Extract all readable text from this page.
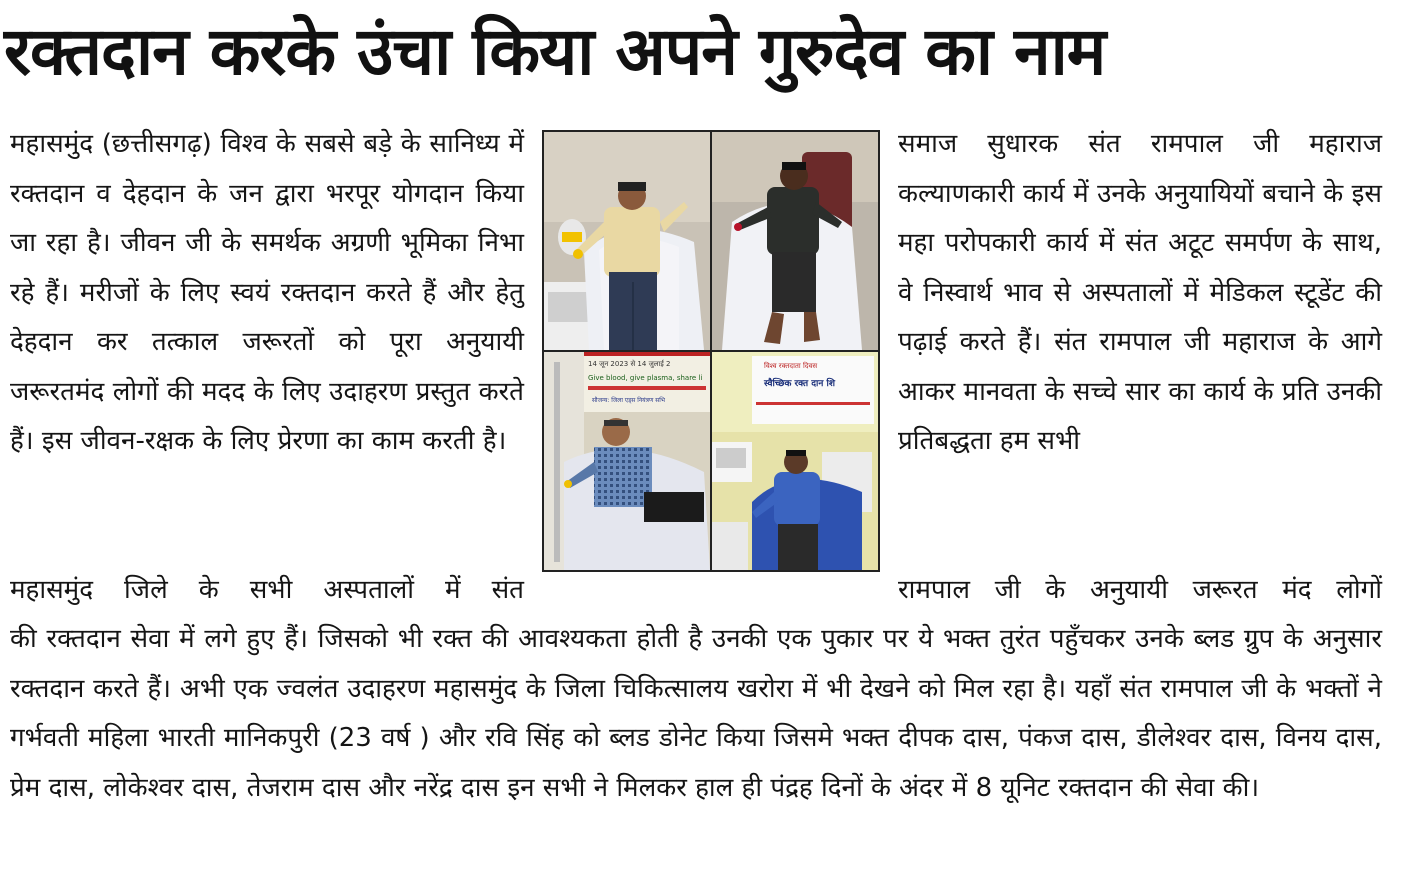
रक्तदान करके उंचा किया अपने गुरुदेव का नाम

महासमुंद (छत्तीसगढ़) विश्व के सबसे बड़े के सानिध्य में रक्तदान व देहदान के जन द्वारा भरपूर योगदान किया जा रहा है। जीवन जी के समर्थक अग्रणी भूमिका निभा रहे हैं। मरीजों के लिए स्वयं रक्तदान करते हैं और हेतु देहदान कर तत्काल जरूरतों को पूरा अनुयायी जरूरतमंद लोगों की मदद के लिए उदाहरण प्रस्तुत करते हैं। इस जीवन-रक्षक के लिए प्रेरणा का काम करती है।

14 जून 2023 से 14 जुलाई 2
Give blood, give plasma, share li
सौजन्य: जिला एड्स नियंत्रण सभि
विश्व रक्तदाता दिवस
स्वैच्छिक रक्त दान शि

समाज सुधारक संत रामपाल जी महाराज कल्याणकारी कार्य में उनके अनुयायियों बचाने के इस महा परोपकारी कार्य में संत अटूट समर्पण के साथ, वे निस्वार्थ भाव से अस्पतालों में मेडिकल स्टूडेंट की पढ़ाई करते हैं। संत रामपाल जी महाराज के आगे आकर मानवता के सच्चे सार का कार्य के प्रति उनकी प्रतिबद्धता हम सभी

महासमुंद जिले के सभी अस्पतालों में संत	रामपाल जी के अनुयायी जरूरत मंद लोगों

की रक्तदान सेवा में लगे हुए हैं। जिसको भी रक्त की आवश्यकता होती है उनकी एक पुकार पर ये भक्त तुरंत पहुँचकर उनके ब्लड ग्रुप के अनुसार रक्तदान करते हैं। अभी एक ज्वलंत उदाहरण महासमुंद के जिला चिकित्सालय खरोरा में भी देखने को मिल रहा है। यहाँ संत रामपाल जी के भक्तों ने गर्भवती महिला भारती मानिकपुरी (23 वर्ष ) और रवि सिंह को ब्लड डोनेट किया जिसमे भक्त दीपक दास, पंकज दास, डीलेश्वर दास, विनय दास, प्रेम दास, लोकेश्वर दास, तेजराम दास और नरेंद्र दास इन सभी ने मिलकर हाल ही पंद्रह दिनों के अंदर में 8 यूनिट रक्तदान की सेवा की।
